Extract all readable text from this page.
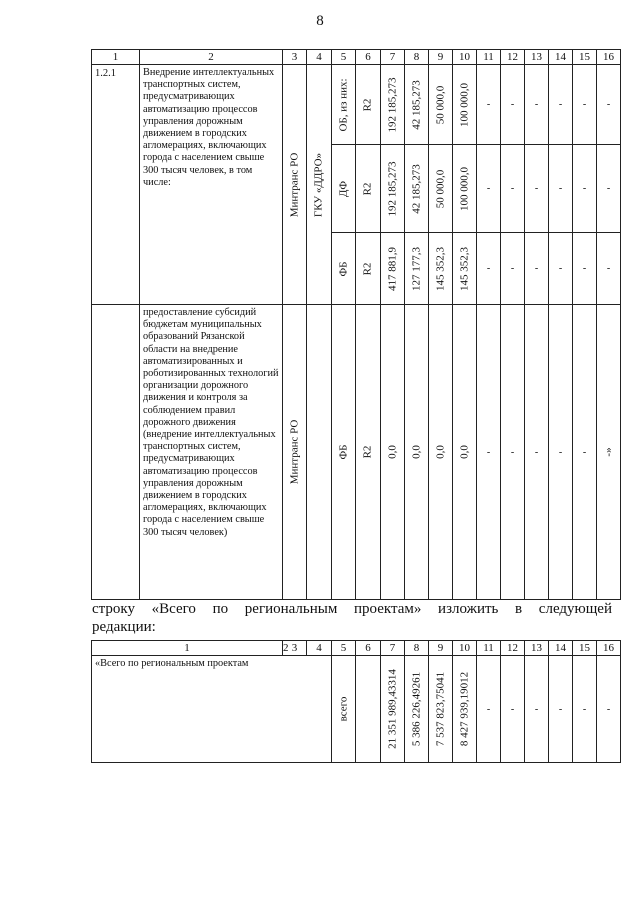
8
1	2	3	4	5	6	7	8	9	10	11	12	13	14	15	16
1.2.1	Внедрение интеллектуальных транспортных систем, предусматривающих автоматизацию процессов управления дорожным движением в городских агломерациях, включающих города с населением свыше 300 тысяч человек, в том числе:	Минтранс РО	ГКУ «ДДРО»	ОБ, из них:	R2	192 185,273	42 185,273	50 000,0	100 000,0	-	-	-	-	-	-

				ДФ	R2	192 185,273	42 185,273	50 000,0	100 000,0	-	-	-	-	-	-

				ФБ	R2	417 881,9	127 177,3	145 352,3	145 352,3	-	-	-	-	-	-
	предоставление субсидий бюджетам муниципальных образований Рязанской области на внедрение автоматизированных и роботизированных технологий организации дорожного движения и контроля за соблюдением правил дорожного движения (внедрение интеллектуальных транспортных систем, предусматривающих автоматизацию процессов управления дорожным движением в городских агломерациях, включающих города с населением свыше 300 тысяч человек)	Минтранс РО		ФБ	R2	0,0	0,0	0,0	0,0	-	-	-	-	-	-»
строку «Всего по региональным проектам» изложить в следующей
редакции:
1	2	3	4	5	6	7	8	9	10	11	12	13	14	15	16
«Всего по региональным проектам			всего		21 351 989,43314	5 386 226,49261	7 537 823,75041	8 427 939,19012	-	-	-	-	-	-
